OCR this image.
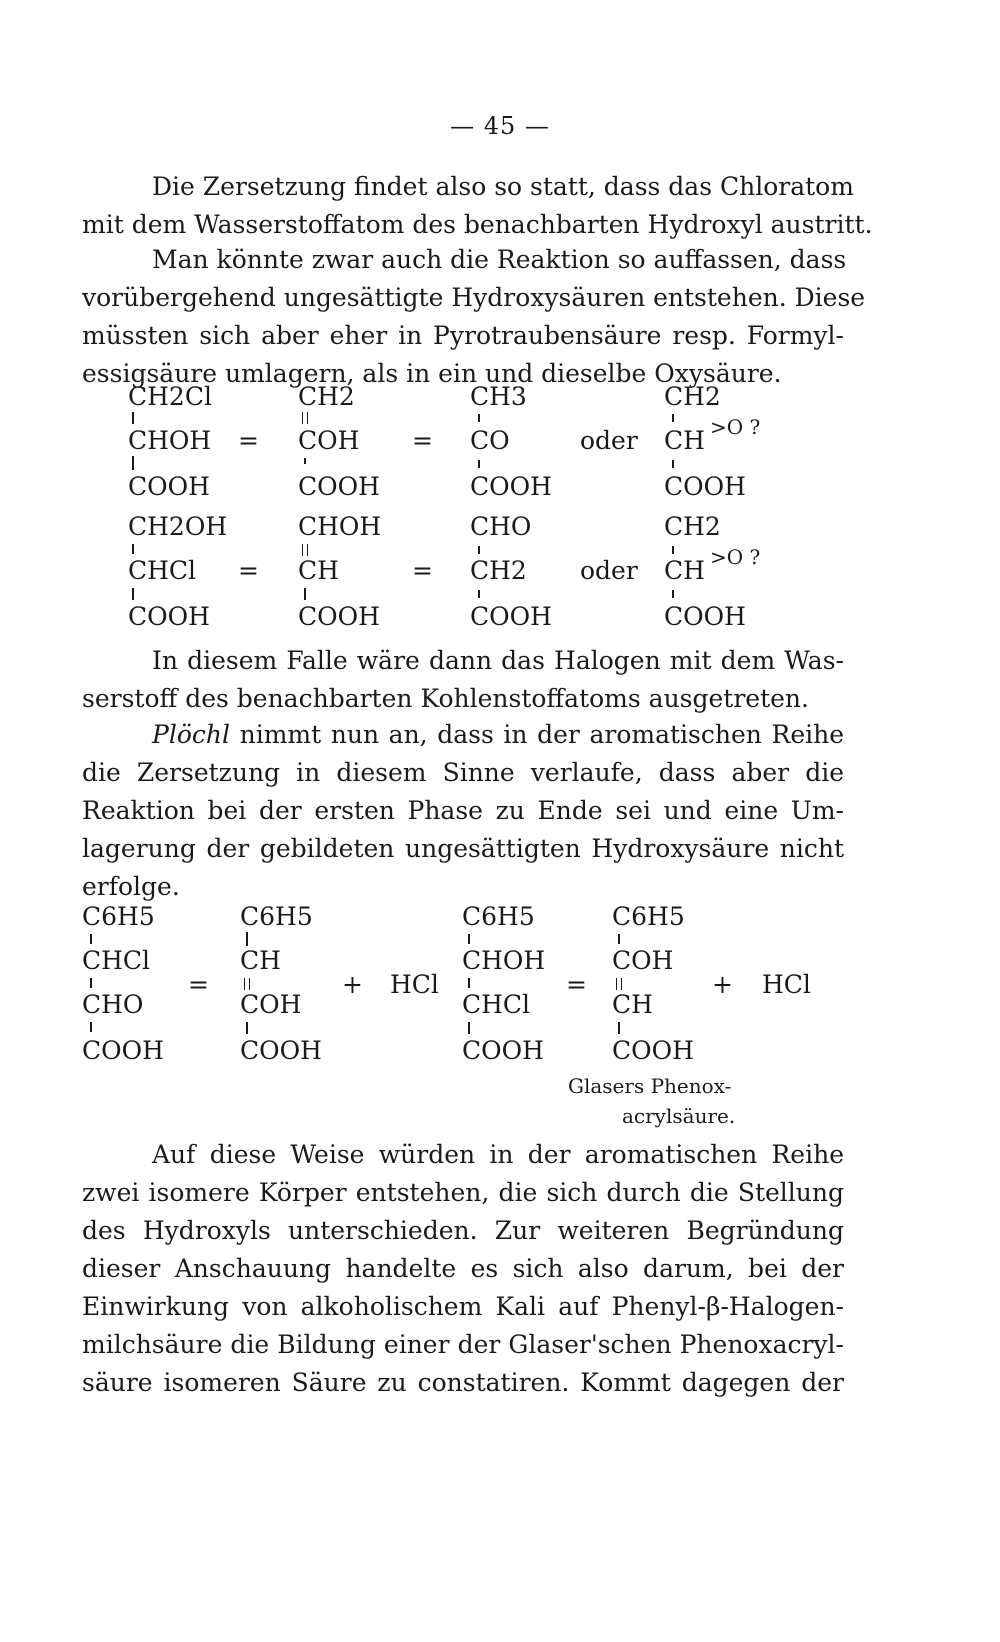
— 45 —
Die Zersetzung findet also so statt, dass das Chloratom
mit dem Wasserstoffatom des benachbarten Hydroxyl austritt.
Man könnte zwar auch die Reaktion so auffassen, dass
vorübergehend ungesättigte Hydroxysäuren entstehen. Diese
müssten sich aber eher in Pyrotraubensäure resp. Formyl-
essigsäure umlagern, als in ein und dieselbe Oxysäure.
CH2Cl
CHOH
COOH
=
CH2
COH
COOH
=
CH3
CO
COOH
oder
CH2
CH >O ?
COOH
CH2OH
CHCl
COOH
=
CHOH
CH
COOH
=
CHO
CH2
COOH
oder
CH2
CH >O ?
COOH
In diesem Falle wäre dann das Halogen mit dem Was-
serstoff des benachbarten Kohlenstoffatoms ausgetreten.
Plöchl nimmt nun an, dass in der aromatischen Reihe
die Zersetzung in diesem Sinne verlaufe, dass aber die
Reaktion bei der ersten Phase zu Ende sei und eine Um-
lagerung der gebildeten ungesättigten Hydroxysäure nicht
erfolge.
C6H5
CHCl
CHO
COOH
=
C6H5
CH
COH
COOH
+ HCl
C6H5
CHOH
CHCl
COOH
=
C6H5
COH
CH
COOH
+ HCl
Glasers Phenox-
acrylsäure.
Auf diese Weise würden in der aromatischen Reihe
zwei isomere Körper entstehen, die sich durch die Stellung
des Hydroxyls unterschieden. Zur weiteren Begründung
dieser Anschauung handelte es sich also darum, bei der
Einwirkung von alkoholischem Kali auf Phenyl-β-Halogen-
milchsäure die Bildung einer der Glaser'schen Phenoxacryl-
säure isomeren Säure zu constatiren. Kommt dagegen der
